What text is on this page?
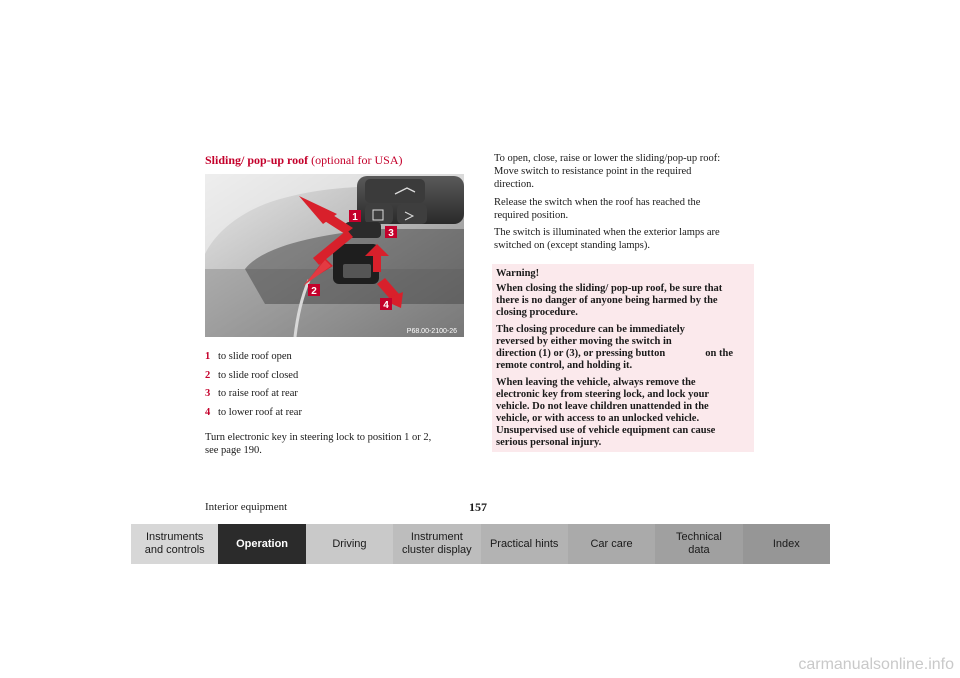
Sliding/ pop-up roof (optional for USA)
1
3
2
4
P68.00-2100-26
1 to slide roof open
2 to slide roof closed
3 to raise roof at rear
4 to lower roof at rear
Turn electronic key in steering lock to position 1 or 2,
see page 190.
To open, close, raise or lower the sliding/pop-up roof:
Move switch to resistance point in the required
direction.
Release the switch when the roof has reached the
required position.
The switch is illuminated when the exterior lamps are
switched on (except standing lamps).

Warning!

When closing the sliding/ pop-up roof, be sure that
there is no danger of anyone being harmed by the
closing procedure.

The closing procedure can be immediately
reversed by either moving the switch in
direction (1) or (3), or pressing button	on the
remote control, and holding it.

When leaving the vehicle, always remove the
electronic key from steering lock, and lock your
vehicle. Do not leave children unattended in the
vehicle, or with access to an unlocked vehicle.
Unsupervised use of vehicle equipment can cause
serious personal injury.

Interior equipment	157
Instruments
and controls
Operation	Driving
Instrument
cluster display
Practical hints	Car care
Technical
data
Index
carmanualsonline.info
